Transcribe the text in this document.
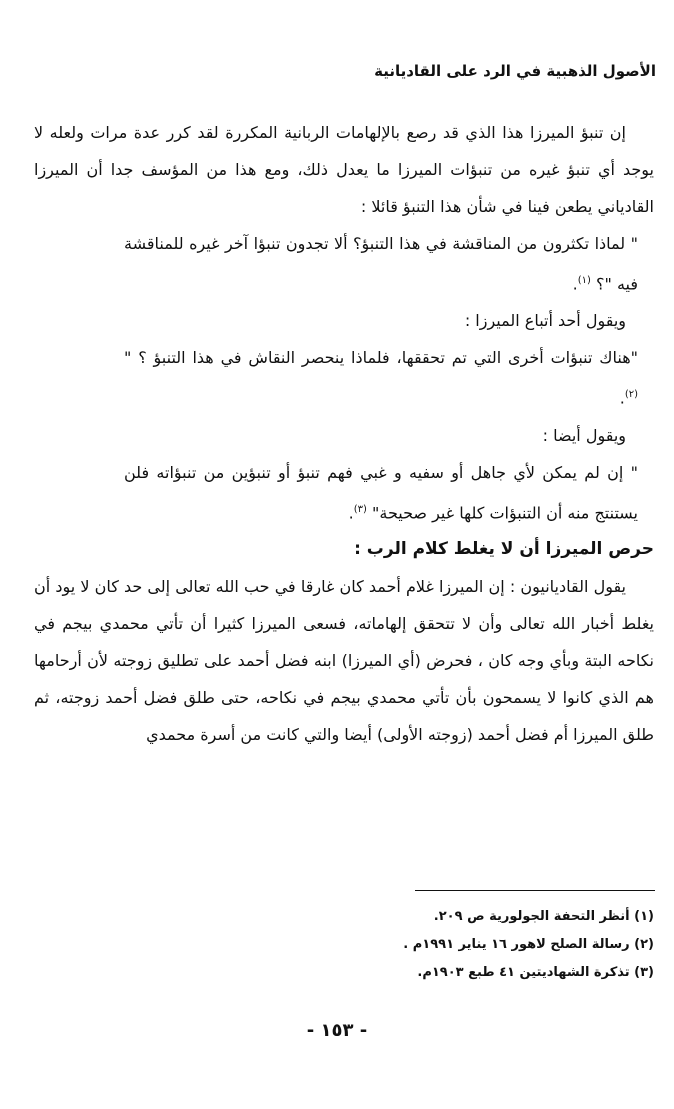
الأصول الذهبية في الرد على القاديانية

إن تنبؤ الميرزا هذا الذي قد رصع بالإلهامات الربانية المكررة لقد كرر عدة مرات ولعله لا يوجد أي تنبؤ غيره من تنبؤات الميرزا ما يعدل ذلك، ومع هذا من المؤسف جدا أن الميرزا القادياني يطعن فينا في شأن هذا التنبؤ قائلا :

" لماذا تكثرون من المناقشة في هذا التنبؤ؟ ألا تجدون تنبؤا آخر غيره للمناقشة فيه "؟ $^{(١)}$.

ويقول أحد أتباع الميرزا :

"هناك تنبؤات أخرى التي تم تحققها، فلماذا ينحصر النقاش في هذا التنبؤ ؟ " $^{(٢)}$.

ويقول أيضا :

" إن لم يمكن لأي جاهل أو سفيه و غبي فهم تنبؤ أو تنبؤين من تنبؤاته فلن يستنتج منه أن التنبؤات كلها غير صحيحة" $^{(٣)}$.

حرص الميرزا أن لا يغلط كلام الرب :

يقول القاديانيون : إن الميرزا غلام أحمد كان غارقا في حب الله تعالى إلى حد كان لا يود أن يغلط أخبار الله تعالى وأن لا تتحقق إلهاماته، فسعى الميرزا كثيرا أن تأتي محمدي بيجم في نكاحه البتة وبأي وجه كان ، فحرض (أي الميرزا) ابنه فضل أحمد على تطليق زوجته لأن أرحامها هم الذي كانوا لا يسمحون بأن تأتي محمدي بيجم في نكاحه، حتى طلق فضل أحمد زوجته، ثم طلق الميرزا أم فضل أحمد (زوجته الأولى) أيضا والتي كانت من أسرة محمدي

(١) أنظر التحفة الجولورية ص ٢٠٩.
(٢) رسالة الصلح لاهور ١٦ يناير ١٩٩١م .
(٣) تذكرة الشهاديتين ٤١ طبع ١٩٠٣م.
- ١٥٣ -
